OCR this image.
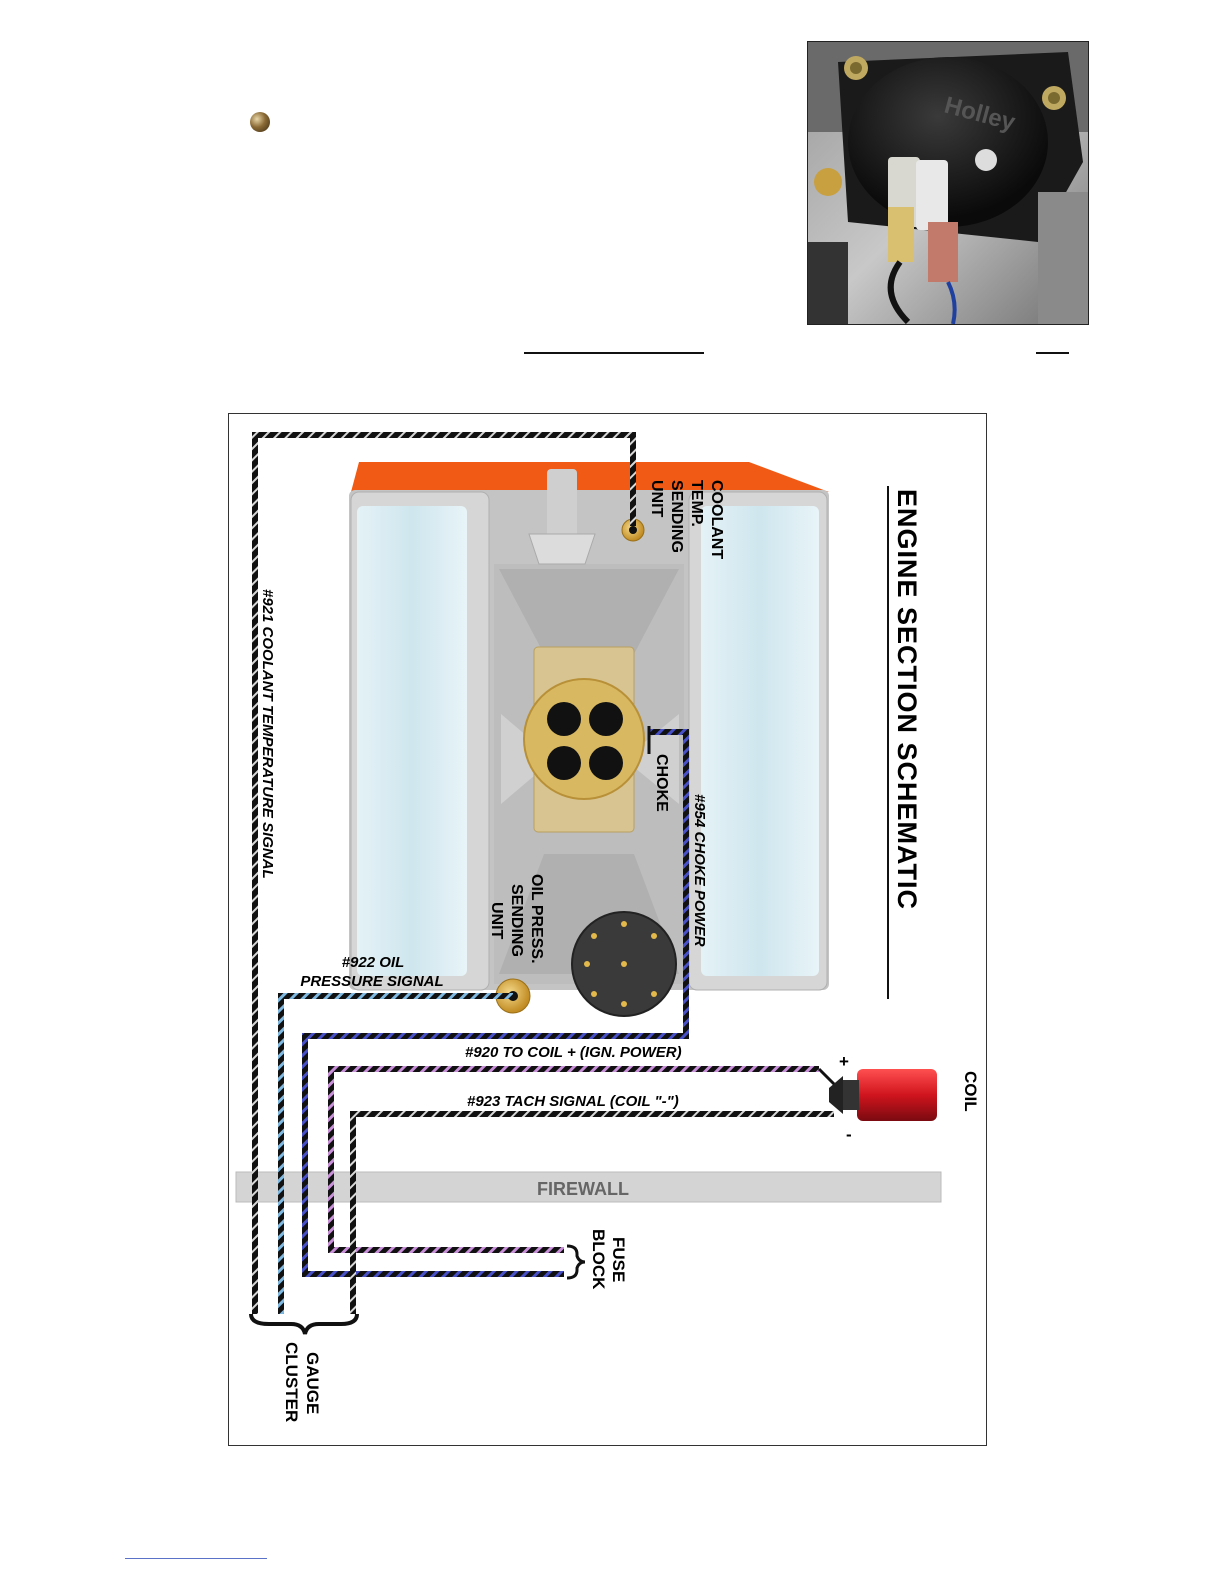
Holley
ENGINE SECTION SCHEMATIC
COOLANT
TEMP.
SENDING
UNIT
CHOKE
OIL PRESS.
SENDING
UNIT
#922 OIL
PRESSURE SIGNAL
#921 COOLANT TEMPERATURE SIGNAL	#954 CHOKE POWER
#920 TO COIL + (IGN. POWER)
#923 TACH SIGNAL (COIL "-")	COIL
+
-
FIREWALL
FUSE
BLOCK
GAUGE
CLUSTER
